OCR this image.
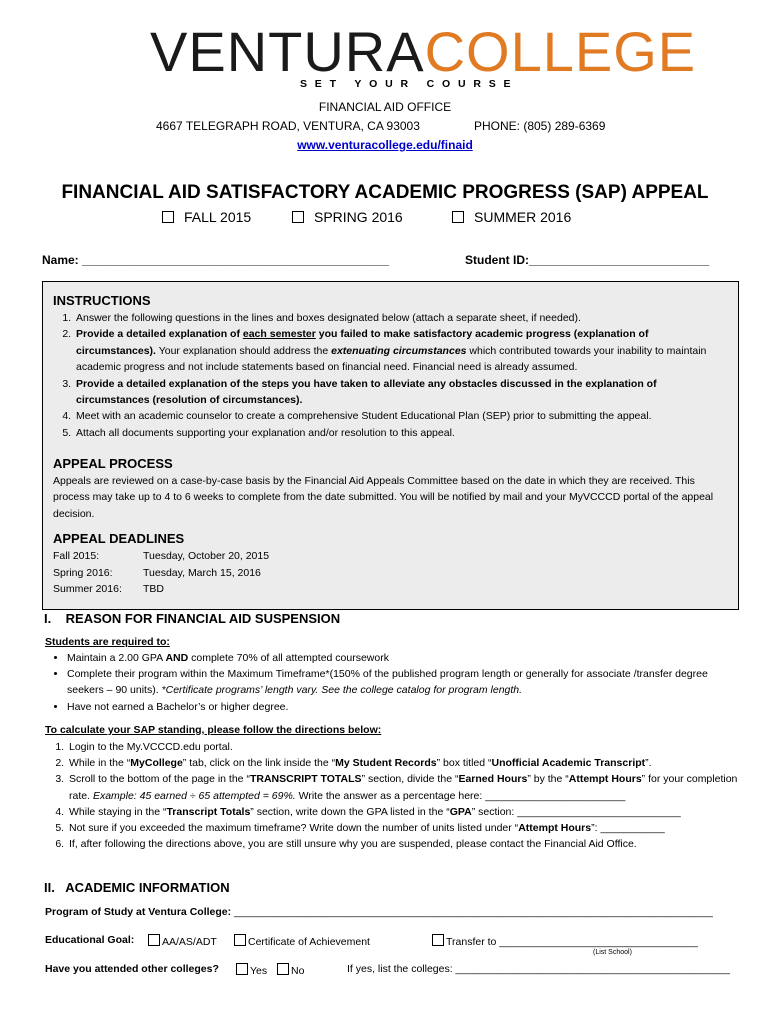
VENTURACOLLEGE
SET YOUR COURSE
FINANCIAL AID OFFICE
4667 TELEGRAPH ROAD, VENTURA, CA 93003	PHONE: (805) 289-6369
www.venturacollege.edu/finaid
FINANCIAL AID SATISFACTORY ACADEMIC PROGRESS (SAP) APPEAL
FALL 2015	SPRING 2016	SUMMER 2016
Name: ______________________________________________	Student ID:___________________________
INSTRUCTIONS
1. Answer the following questions in the lines and boxes designated below (attach a separate sheet, if needed).
2. Provide a detailed explanation of each semester you failed to make satisfactory academic progress (explanation of circumstances). Your explanation should address the extenuating circumstances which contributed towards your inability to maintain academic progress and not include statements based on financial need. Financial need is already assumed.
3. Provide a detailed explanation of the steps you have taken to alleviate any obstacles discussed in the explanation of circumstances (resolution of circumstances).
4. Meet with an academic counselor to create a comprehensive Student Educational Plan (SEP) prior to submitting the appeal.
5. Attach all documents supporting your explanation and/or resolution to this appeal.
APPEAL PROCESS
Appeals are reviewed on a case-by-case basis by the Financial Aid Appeals Committee based on the date in which they are received. This process may take up to 4 to 6 weeks to complete from the date submitted. You will be notified by mail and your MyVCCCD portal of the appeal decision.
APPEAL DEADLINES
Fall 2015:	Tuesday, October 20, 2015
Spring 2016:	Tuesday, March 15, 2016
Summer 2016: TBD
I.    REASON FOR FINANCIAL AID SUSPENSION
Students are required to:
• Maintain a 2.00 GPA AND complete 70% of all attempted coursework
• Complete their program within the Maximum Timeframe*(150% of the published program length or generally for associate /transfer degree seekers – 90 units). *Certificate programs’ length vary. See the college catalog for program length.
• Have not earned a Bachelor’s or higher degree.
To calculate your SAP standing, please follow the directions below:
1. Login to the My.VCCCD.edu portal.
2. While in the “MyCollege” tab, click on the link inside the “My Student Records” box titled “Unofficial Academic Transcript”.
3. Scroll to the bottom of the page in the “TRANSCRIPT TOTALS” section, divide the “Earned Hours” by the “Attempt Hours” for your completion rate. Example: 45 earned ÷ 65 attempted = 69%. Write the answer as a percentage here: ________________________
4. While staying in the “Transcript Totals” section, write down the GPA listed in the “GPA” section: ____________________________
5. Not sure if you exceeded the maximum timeframe? Write down the number of units listed under “Attempt Hours”: ___________
6. If, after following the directions above, you are still unsure why you are suspended, please contact the Financial Aid Office.
II.   ACADEMIC INFORMATION
Program of Study at Ventura College: __________________________________________________________________________________
Educational Goal:	AA/AS/ADT	Certificate of Achievement	Transfer to __________________________________
(List School)
Have you attended other colleges?	Yes	No	If yes, list the colleges: _______________________________________________
